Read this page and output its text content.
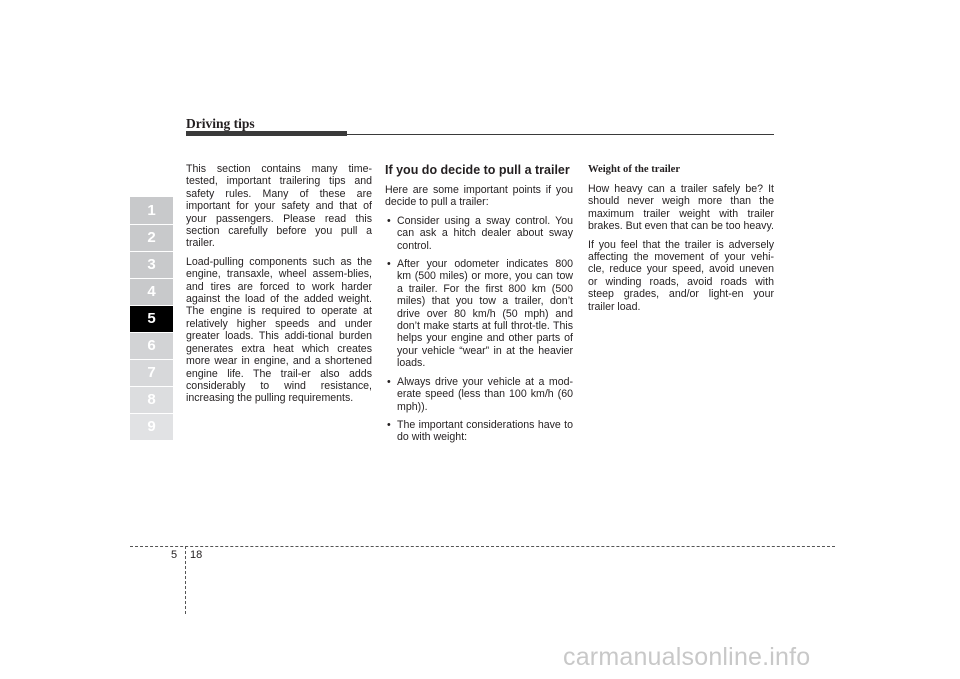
Driving tips
1
2
3
4
5
6
7
8
9

This section contains many time-tested, important trailering tips and safety rules. Many of these are important for your safety and that of your passengers. Please read this section carefully before you pull a trailer.

Load-pulling components such as the engine, transaxle, wheel assem-blies, and tires are forced to work harder against the load of the added weight. The engine is required to operate at relatively higher speeds and under greater loads. This addi-tional burden generates extra heat which creates more wear in engine, and a shortened engine life. The trail-er also adds considerably to wind resistance, increasing the pulling requirements.

If you do decide to pull a trailer

Here are some important points if you decide to pull a trailer:

• Consider using a sway control. You can ask a hitch dealer about sway control.
• After your odometer indicates 800 km (500 miles) or more, you can tow a trailer. For the first 800 km (500 miles) that you tow a trailer, don’t drive over 80 km/h (50 mph) and don’t make starts at full throt-tle. This helps your engine and other parts of your vehicle “wear” in at the heavier loads.
• Always drive your vehicle at a mod-erate speed (less than 100 km/h (60 mph)).
• The important considerations have to do with weight:
Weight of the trailer

How heavy can a trailer safely be? It should never weigh more than the maximum trailer weight with trailer brakes. But even that can be too heavy.

If you feel that the trailer is adversely affecting the movement of your vehi-cle, reduce your speed, avoid uneven or winding roads, avoid roads with steep grades, and/or light-en your trailer load.

5 18
carmanualsonline.info
